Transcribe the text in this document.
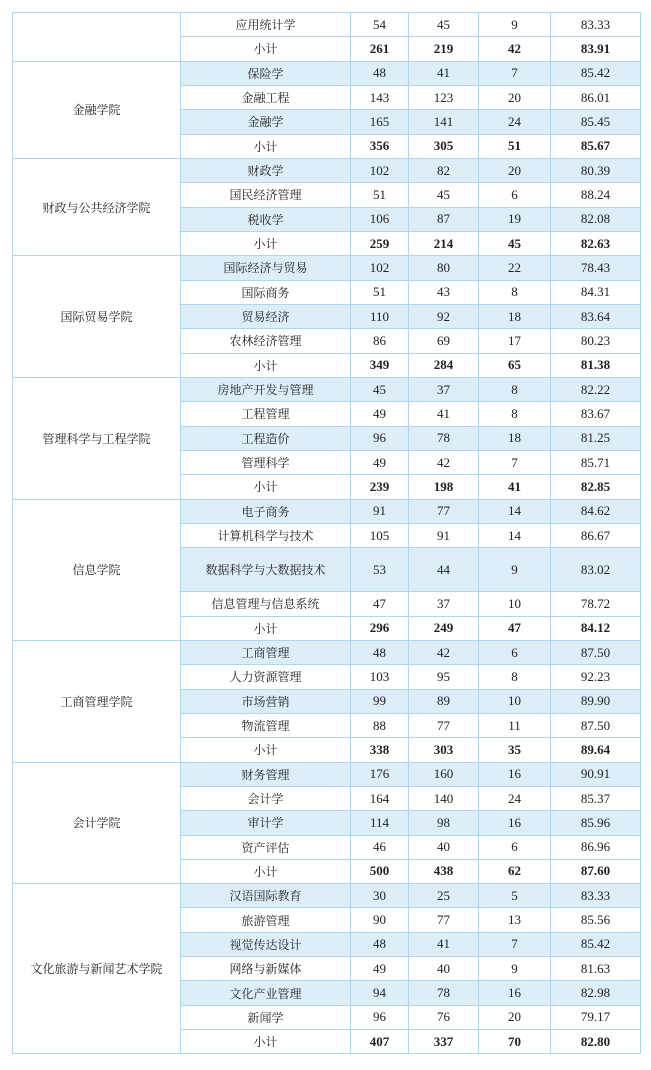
	应用统计学	54	45	9	83.33
	小计	261	219	42	83.91
金融学院	保险学	48	41	7	85.42
	金融工程	143	123	20	86.01
	金融学	165	141	24	85.45
	小计	356	305	51	85.67
财政与公共经济学院	财政学	102	82	20	80.39
	国民经济管理	51	45	6	88.24
	税收学	106	87	19	82.08
	小计	259	214	45	82.63
国际贸易学院	国际经济与贸易	102	80	22	78.43
	国际商务	51	43	8	84.31
	贸易经济	110	92	18	83.64
	农林经济管理	86	69	17	80.23
	小计	349	284	65	81.38
管理科学与工程学院	房地产开发与管理	45	37	8	82.22
	工程管理	49	41	8	83.67
	工程造价	96	78	18	81.25
	管理科学	49	42	7	85.71
	小计	239	198	41	82.85
信息学院	电子商务	91	77	14	84.62
	计算机科学与技术	105	91	14	86.67
	数据科学与大数据技术	53	44	9	83.02
	信息管理与信息系统	47	37	10	78.72
	小计	296	249	47	84.12
工商管理学院	工商管理	48	42	6	87.50
	人力资源管理	103	95	8	92.23
	市场营销	99	89	10	89.90
	物流管理	88	77	11	87.50
	小计	338	303	35	89.64
会计学院	财务管理	176	160	16	90.91
	会计学	164	140	24	85.37
	审计学	114	98	16	85.96
	资产评估	46	40	6	86.96
	小计	500	438	62	87.60
文化旅游与新闻艺术学院	汉语国际教育	30	25	5	83.33
	旅游管理	90	77	13	85.56
	视觉传达设计	48	41	7	85.42
	网络与新媒体	49	40	9	81.63
	文化产业管理	94	78	16	82.98
	新闻学	96	76	20	79.17
	小计	407	337	70	82.80
